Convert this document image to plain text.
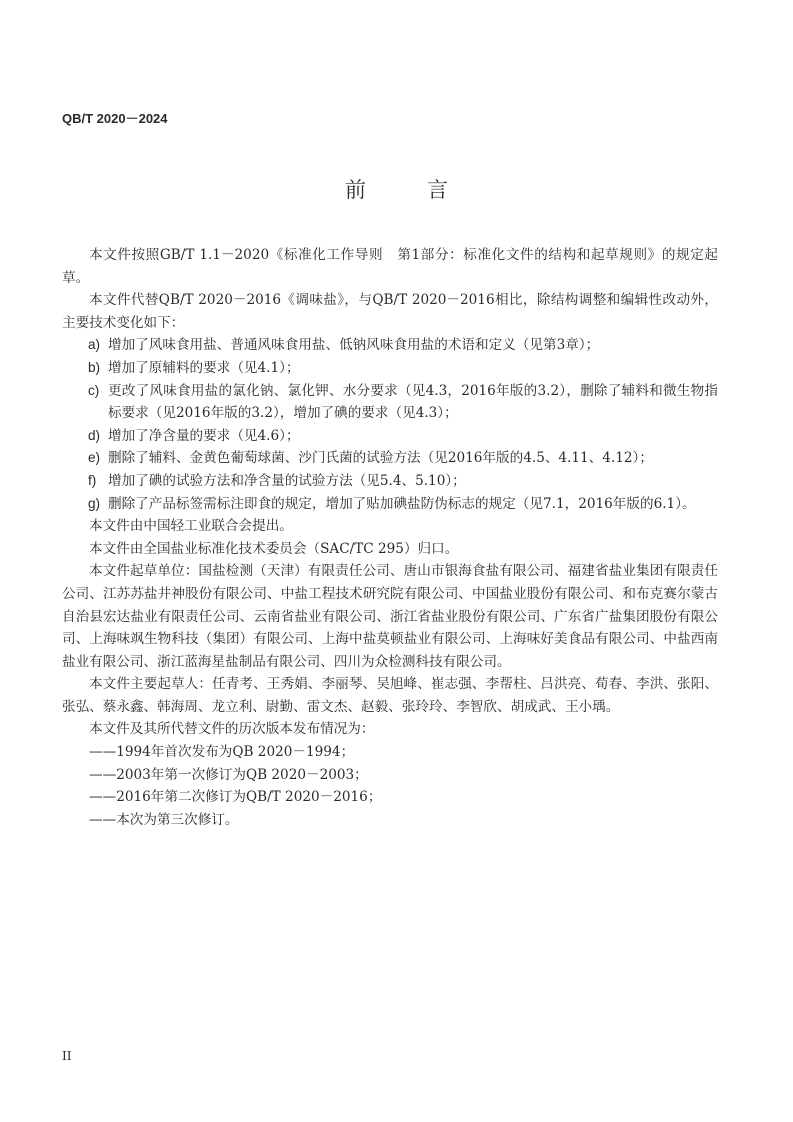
QB/T 2020－2024
前　言

本文件按照GB/T 1.1－2020《标准化工作导则　第1部分：标准化文件的结构和起草规则》的规定起草。

本文件代替QB/T 2020－2016《调味盐》，与QB/T 2020－2016相比，除结构调整和编辑性改动外，主要技术变化如下：

a) 增加了风味食用盐、普通风味食用盐、低钠风味食用盐的术语和定义（见第3章）；
b) 增加了原辅料的要求（见4.1）；
c) 更改了风味食用盐的氯化钠、氯化钾、水分要求（见4.3，2016年版的3.2），删除了辅料和微生物指标要求（见2016年版的3.2），增加了碘的要求（见4.3）；
d) 增加了净含量的要求（见4.6）；
e) 删除了辅料、金黄色葡萄球菌、沙门氏菌的试验方法（见2016年版的4.5、4.11、4.12）；
f) 增加了碘的试验方法和净含量的试验方法（见5.4、5.10）；
g) 删除了产品标签需标注即食的规定，增加了贴加碘盐防伪标志的规定（见7.1，2016年版的6.1）。

本文件由中国轻工业联合会提出。

本文件由全国盐业标准化技术委员会（SAC/TC 295）归口。

本文件起草单位：国盐检测（天津）有限责任公司、唐山市银海食盐有限公司、福建省盐业集团有限责任公司、江苏苏盐井神股份有限公司、中盐工程技术研究院有限公司、中国盐业股份有限公司、和布克赛尔蒙古自治县宏达盐业有限责任公司、云南省盐业有限公司、浙江省盐业股份有限公司、广东省广盐集团股份有限公司、上海味飒生物科技（集团）有限公司、上海中盐莫顿盐业有限公司、上海味好美食品有限公司、中盐西南盐业有限公司、浙江蓝海星盐制品有限公司、四川为众检测科技有限公司。

本文件主要起草人：任青考、王秀娟、李丽琴、吴旭峰、崔志强、李帮柱、吕洪亮、荀春、李洪、张阳、张弘、蔡永鑫、韩海周、龙立利、尉勤、雷文杰、赵毅、张玲玲、李智欣、胡成武、王小瑀。

本文件及其所代替文件的历次版本发布情况为：

——1994年首次发布为QB 2020－1994；

——2003年第一次修订为QB 2020－2003；

——2016年第二次修订为QB/T 2020－2016；

——本次为第三次修订。

II
